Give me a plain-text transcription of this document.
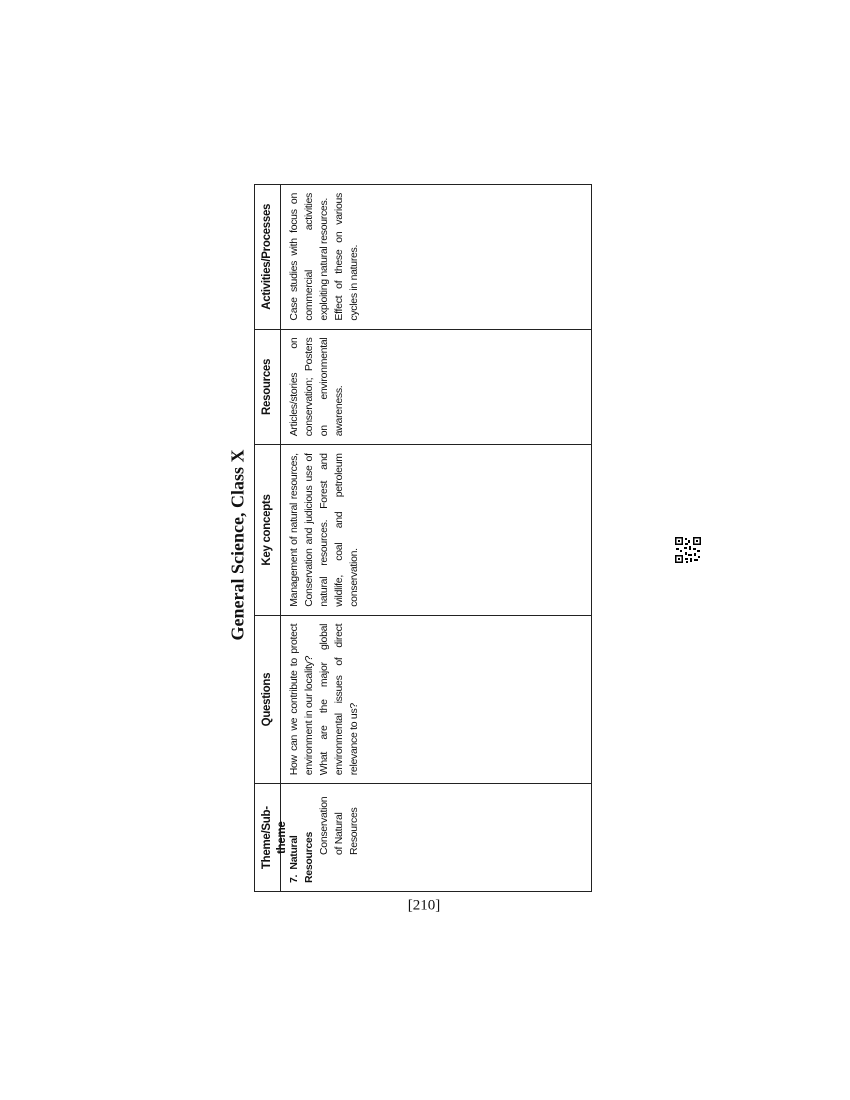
General Science, Class X
Theme/Sub-theme
Questions
Key concepts
Resources
Activities/Processes
7.  Natural Resources
Conservation of Natural Resources

How can we contribute to protect environment in our locality? What are the major global environmental issues of direct relevance to us?

Management of natural resources, Conservation and judicious use of natural resources. Forest and wildlife, coal and petroleum conservation.

Articles/stories on conservation; Posters on environmental awareness.

Case studies with focus on commercial activities exploiting natural resources. Effect of these on various cycles in natures.

[210]
